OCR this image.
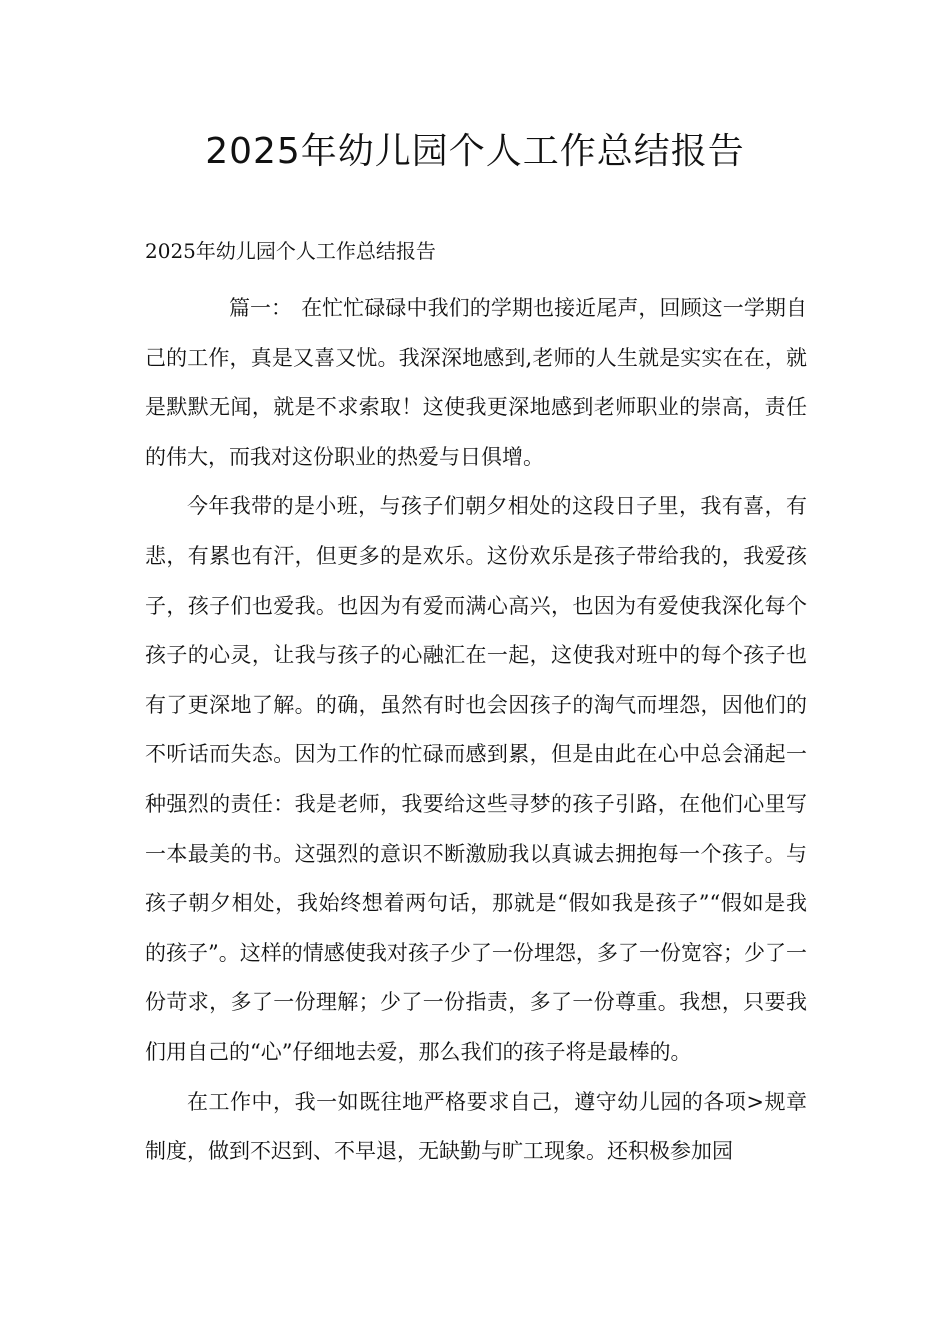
2025年幼儿园个人工作总结报告

2025年幼儿园个人工作总结报告

篇一： 在忙忙碌碌中我们的学期也接近尾声，回顾这一学期自己的工作，真是又喜又忧。我深深地感到,老师的人生就是实实在在，就是默默无闻，就是不求索取！这使我更深地感到老师职业的崇高，责任的伟大，而我对这份职业的热爱与日俱增。

今年我带的是小班，与孩子们朝夕相处的这段日子里，我有喜，有悲，有累也有汗，但更多的是欢乐。这份欢乐是孩子带给我的，我爱孩子，孩子们也爱我。也因为有爱而满心高兴，也因为有爱使我深化每个孩子的心灵，让我与孩子的心融汇在一起，这使我对班中的每个孩子也有了更深地了解。的确，虽然有时也会因孩子的淘气而埋怨，因他们的不听话而失态。因为工作的忙碌而感到累，但是由此在心中总会涌起一种强烈的责任：我是老师，我要给这些寻梦的孩子引路，在他们心里写一本最美的书。这强烈的意识不断激励我以真诚去拥抱每一个孩子。与孩子朝夕相处，我始终想着两句话，那就是“假如我是孩子”“假如是我的孩子”。这样的情感使我对孩子少了一份埋怨，多了一份宽容；少了一份苛求，多了一份理解；少了一份指责，多了一份尊重。我想，只要我们用自己的“心”仔细地去爱，那么我们的孩子将是最棒的。

在工作中，我一如既往地严格要求自己，遵守幼儿园的各项>规章制度，做到不迟到、不早退，无缺勤与旷工现象。还积极参加园
